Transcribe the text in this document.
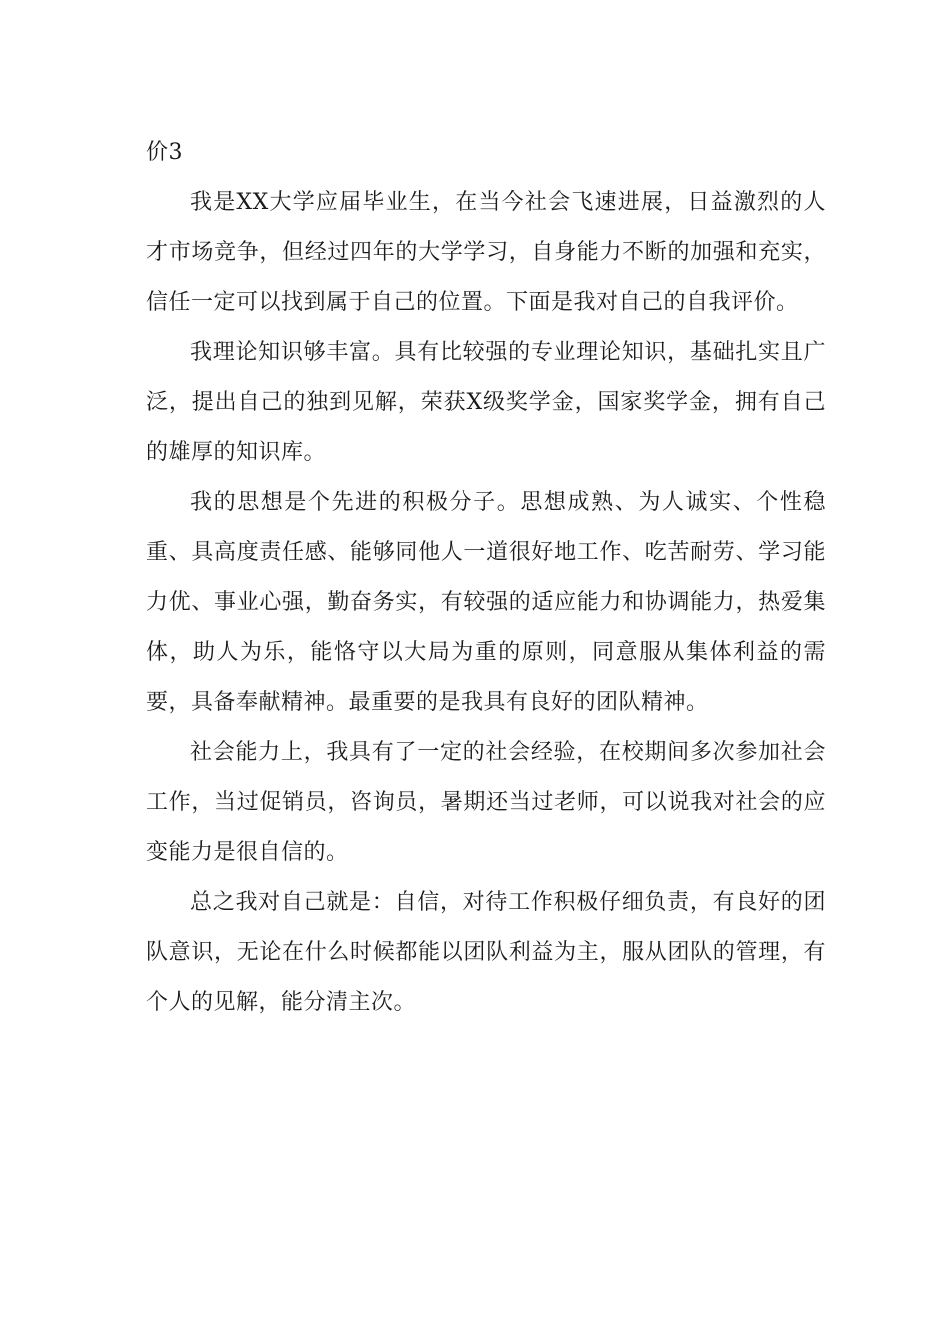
价3

我是XX大学应届毕业生，在当今社会飞速进展，日益激烈的人才市场竞争，但经过四年的大学学习，自身能力不断的加强和充实，信任一定可以找到属于自己的位置。下面是我对自己的自我评价。

我理论知识够丰富。具有比较强的专业理论知识，基础扎实且广泛，提出自己的独到见解，荣获X级奖学金，国家奖学金，拥有自己的雄厚的知识库。

我的思想是个先进的积极分子。思想成熟、为人诚实、个性稳重、具高度责任感、能够同他人一道很好地工作、吃苦耐劳、学习能力优、事业心强，勤奋务实，有较强的适应能力和协调能力，热爱集体，助人为乐，能恪守以大局为重的原则，同意服从集体利益的需要，具备奉献精神。最重要的是我具有良好的团队精神。

社会能力上，我具有了一定的社会经验，在校期间多次参加社会工作，当过促销员，咨询员，暑期还当过老师，可以说我对社会的应变能力是很自信的。

总之我对自己就是：自信，对待工作积极仔细负责，有良好的团队意识，无论在什么时候都能以团队利益为主，服从团队的管理，有个人的见解，能分清主次。
